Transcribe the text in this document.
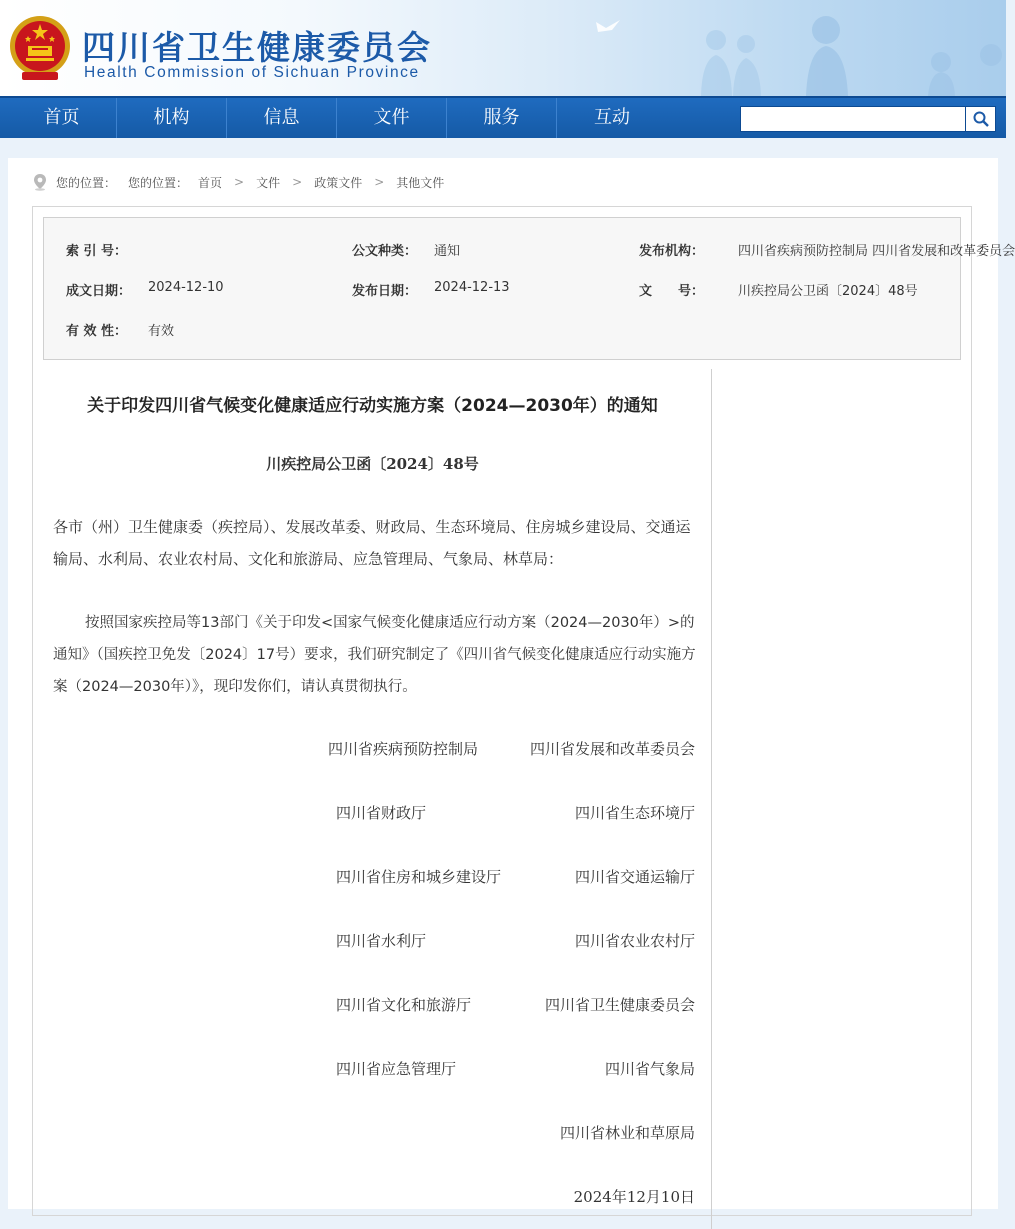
四川省卫生健康委员会
Health Commission of Sichuan Province
首页	机构	信息	文件	服务	互动
您的位置： 您的位置： 首页 > 文件 > 政策文件 > 其他文件
索 引 号：	公文种类： 通知	发布机构：	四川省疾病预防控制局 四川省发展和改革委员会
成文日期： 2024-12-10	发布日期： 2024-12-13	文　　号：	川疾控局公卫函〔2024〕48号
有 效 性： 有效
关于印发四川省气候变化健康适应行动实施方案（2024—2030年）的通知
川疾控局公卫函〔2024〕48号

各市（州）卫生健康委（疾控局）、发展改革委、财政局、生态环境局、住房城乡建设局、交通运输局、水利局、农业农村局、文化和旅游局、应急管理局、气象局、林草局：

按照国家疾控局等13部门《关于印发<国家气候变化健康适应行动方案（2024—2030年）>的通知》（国疾控卫免发〔2024〕17号）要求，我们研究制定了《四川省气候变化健康适应行动实施方案（2024—2030年）》，现印发你们，请认真贯彻执行。

四川省疾病预防控制局	四川省发展和改革委员会
四川省财政厅	四川省生态环境厅
四川省住房和城乡建设厅	四川省交通运输厅
四川省水利厅	四川省农业农村厅
四川省文化和旅游厅	四川省卫生健康委员会
四川省应急管理厅	四川省气象局
四川省林业和草原局
2024年12月10日
